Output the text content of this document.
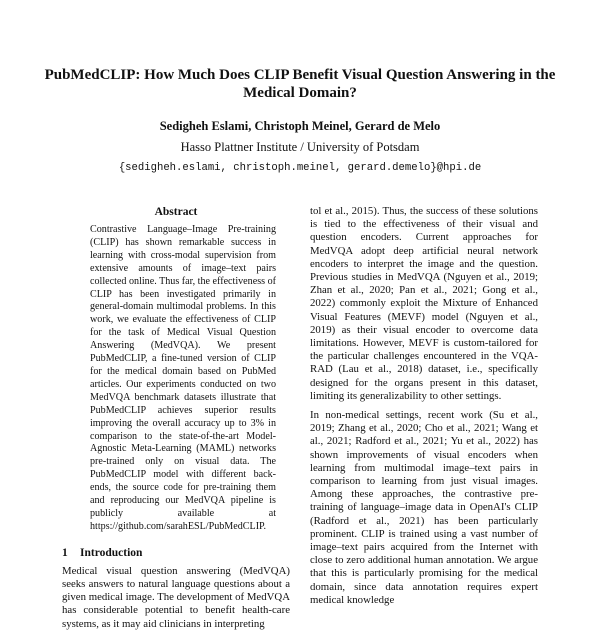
PubMedCLIP: How Much Does CLIP Benefit Visual Question Answering in the Medical Domain?
Sedigheh Eslami, Christoph Meinel, Gerard de Melo
Hasso Plattner Institute / University of Potsdam
{sedigheh.eslami, christoph.meinel, gerard.demelo}@hpi.de
Abstract

Contrastive Language–Image Pre-training (CLIP) has shown remarkable success in learning with cross-modal supervision from extensive amounts of image–text pairs collected online. Thus far, the effectiveness of CLIP has been investigated primarily in general-domain multimodal problems. In this work, we evaluate the effectiveness of CLIP for the task of Medical Visual Question Answering (MedVQA). We present PubMedCLIP, a fine-tuned version of CLIP for the medical domain based on PubMed articles. Our experiments conducted on two MedVQA benchmark datasets illustrate that PubMedCLIP achieves superior results improving the overall accuracy up to 3% in comparison to the state-of-the-art Model-Agnostic Meta-Learning (MAML) networks pre-trained only on visual data. The PubMedCLIP model with different back-ends, the source code for pre-training them and reproducing our MedVQA pipeline is publicly available at https://github.com/sarahESL/PubMedCLIP.

1 Introduction

Medical visual question answering (MedVQA) seeks answers to natural language questions about a given medical image. The development of MedVQA has considerable potential to benefit health-care systems, as it may aid clinicians in interpreting

tol et al., 2015). Thus, the success of these solutions is tied to the effectiveness of their visual and question encoders. Current approaches for MedVQA adopt deep artificial neural network encoders to interpret the image and the question. Previous studies in MedVQA (Nguyen et al., 2019; Zhan et al., 2020; Pan et al., 2021; Gong et al., 2022) commonly exploit the Mixture of Enhanced Visual Features (MEVF) model (Nguyen et al., 2019) as their visual encoder to overcome data limitations. However, MEVF is custom-tailored for the particular challenges encountered in the VQA-RAD (Lau et al., 2018) dataset, i.e., specifically designed for the organs present in this dataset, limiting its generalizability to other settings.

In non-medical settings, recent work (Su et al., 2019; Zhang et al., 2020; Cho et al., 2021; Wang et al., 2021; Radford et al., 2021; Yu et al., 2022) has shown improvements of visual encoders when learning from multimodal image–text pairs in comparison to learning from just visual images. Among these approaches, the contrastive pre-training of language–image data in OpenAI's CLIP (Radford et al., 2021) has been particularly prominent. CLIP is trained using a vast number of image–text pairs acquired from the Internet with close to zero additional human annotation. We argue that this is particularly promising for the medical domain, since data annotation requires expert medical knowledge
